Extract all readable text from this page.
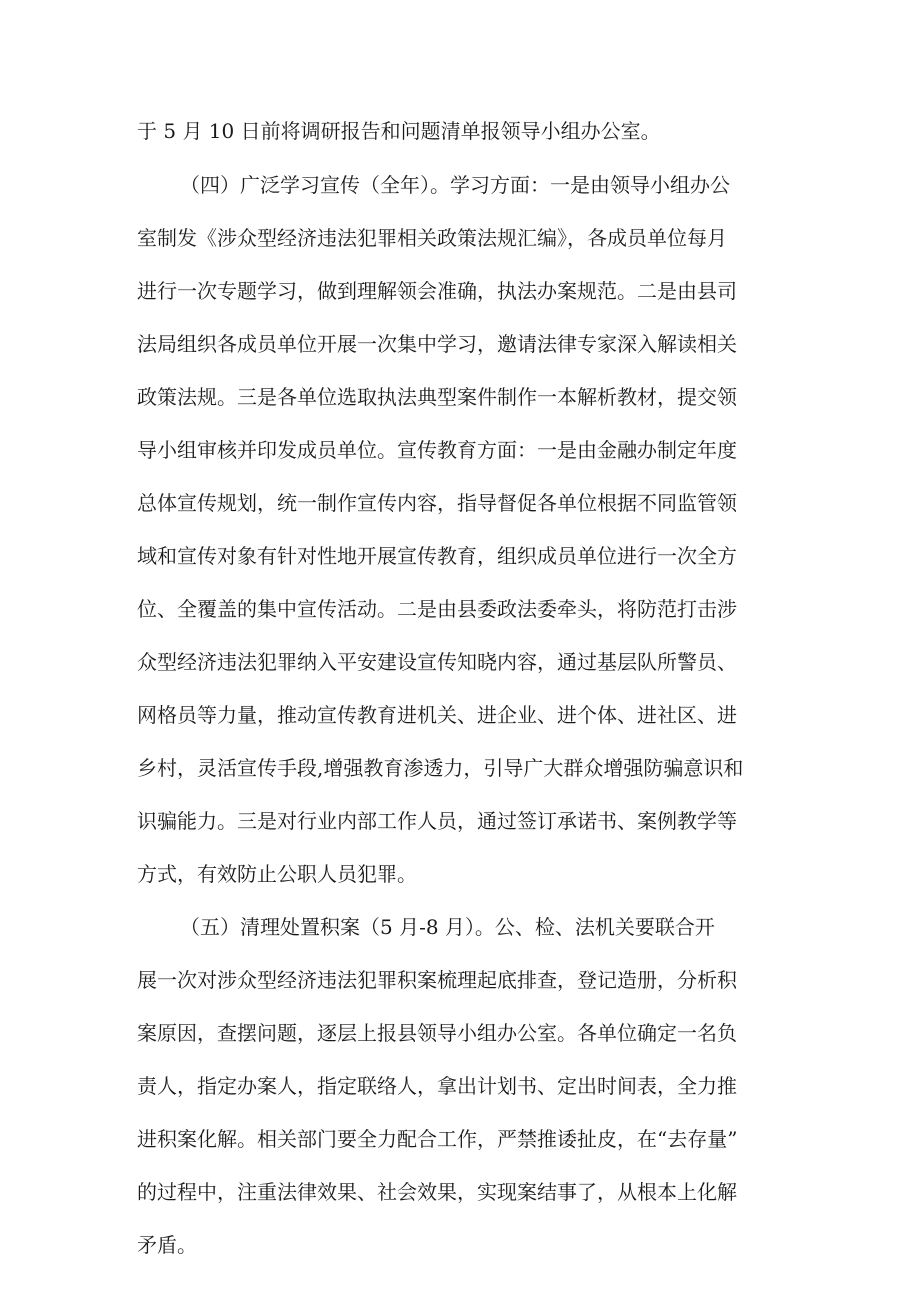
于 5 月 10 日前将调研报告和问题清单报领导小组办公室。
（四）广泛学习宣传（全年）。学习方面：一是由领导小组办公
室制发《涉众型经济违法犯罪相关政策法规汇编》，各成员单位每月
进行一次专题学习，做到理解领会准确，执法办案规范。二是由县司
法局组织各成员单位开展一次集中学习，邀请法律专家深入解读相关
政策法规。三是各单位选取执法典型案件制作一本解析教材，提交领
导小组审核并印发成员单位。宣传教育方面：一是由金融办制定年度
总体宣传规划，统一制作宣传内容，指导督促各单位根据不同监管领
域和宣传对象有针对性地开展宣传教育，组织成员单位进行一次全方
位、全覆盖的集中宣传活动。二是由县委政法委牵头，将防范打击涉
众型经济违法犯罪纳入平安建设宣传知晓内容，通过基层队所警员、
网格员等力量，推动宣传教育进机关、进企业、进个体、进社区、进
乡村，灵活宣传手段,增强教育渗透力，引导广大群众增强防骗意识和
识骗能力。三是对行业内部工作人员，通过签订承诺书、案例教学等
方式，有效防止公职人员犯罪。
（五）清理处置积案（5 月-8 月）。公、检、法机关要联合开
展一次对涉众型经济违法犯罪积案梳理起底排查，登记造册，分析积
案原因，查摆问题，逐层上报县领导小组办公室。各单位确定一名负
责人，指定办案人，指定联络人，拿出计划书、定出时间表，全力推
进积案化解。相关部门要全力配合工作，严禁推诿扯皮，在“去存量”
的过程中，注重法律效果、社会效果，实现案结事了，从根本上化解
矛盾。
